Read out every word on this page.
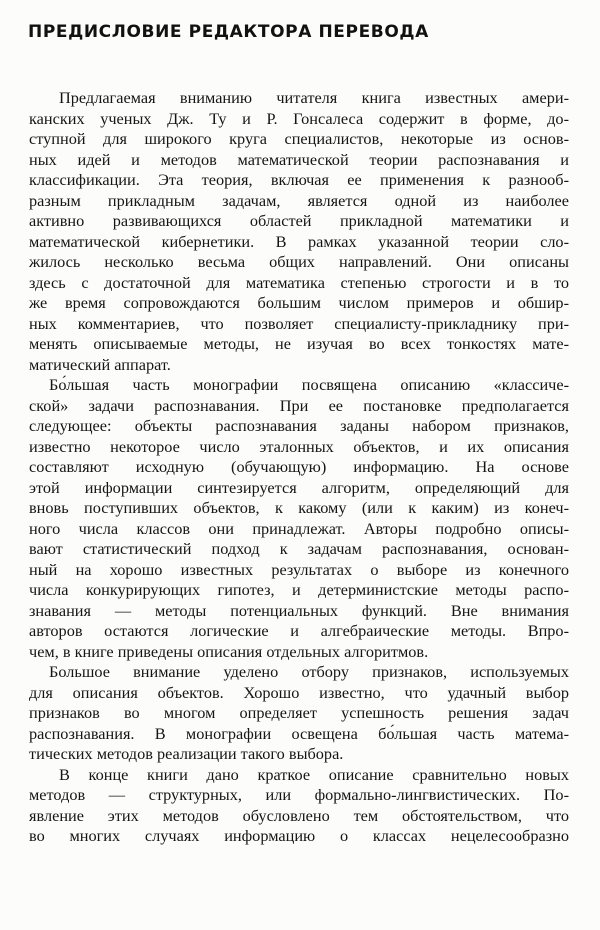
ПРЕДИСЛОВИЕ РЕДАКТОРА ПЕРЕВОДА

Предлагаемая вниманию читателя книга известных амери-
канских ученых Дж. Ту и Р. Гонсалеса содержит в форме, до-
ступной для широкого круга специалистов, некоторые из основ-
ных идей и методов математической теории распознавания и
классификации. Эта теория, включая ее применения к разнооб-
разным прикладным задачам, является одной из наиболее
активно развивающихся областей прикладной математики и
математической кибернетики. В рамках указанной теории сло-
жилось несколько весьма общих направлений. Они описаны
здесь с достаточной для математика степенью строгости и в то
же время сопровождаются большим числом примеров и обшир-
ных комментариев, что позволяет специалисту-прикладнику при-
менять описываемые методы, не изучая во всех тонкостях мате-
матический аппарат.

Бо́льшая часть монографии посвящена описанию «классиче-
ской» задачи распознавания. При ее постановке предполагается
следующее: объекты распознавания заданы набором признаков,
известно некоторое число эталонных объектов, и их описания
составляют исходную (обучающую) информацию. На основе
этой информации синтезируется алгоритм, определяющий для
вновь поступивших объектов, к какому (или к каким) из конеч-
ного числа классов они принадлежат. Авторы подробно описы-
вают статистический подход к задачам распознавания, основан-
ный на хорошо известных результатах о выборе из конечного
числа конкурирующих гипотез, и детерминистские методы распо-
знавания — методы потенциальных функций. Вне внимания
авторов остаются логические и алгебраические методы. Впро-
чем, в книге приведены описания отдельных алгоритмов.

Большое внимание уделено отбору признаков, используемых
для описания объектов. Хорошо известно, что удачный выбор
признаков во многом определяет успешность решения задач
распознавания. В монографии освещена бо́льшая часть матема-
тических методов реализации такого выбора.

В конце книги дано краткое описание сравнительно новых
методов — структурных, или формально-лингвистических. По-
явление этих методов обусловлено тем обстоятельством, что
во многих случаях информацию о классах нецелесообразно
